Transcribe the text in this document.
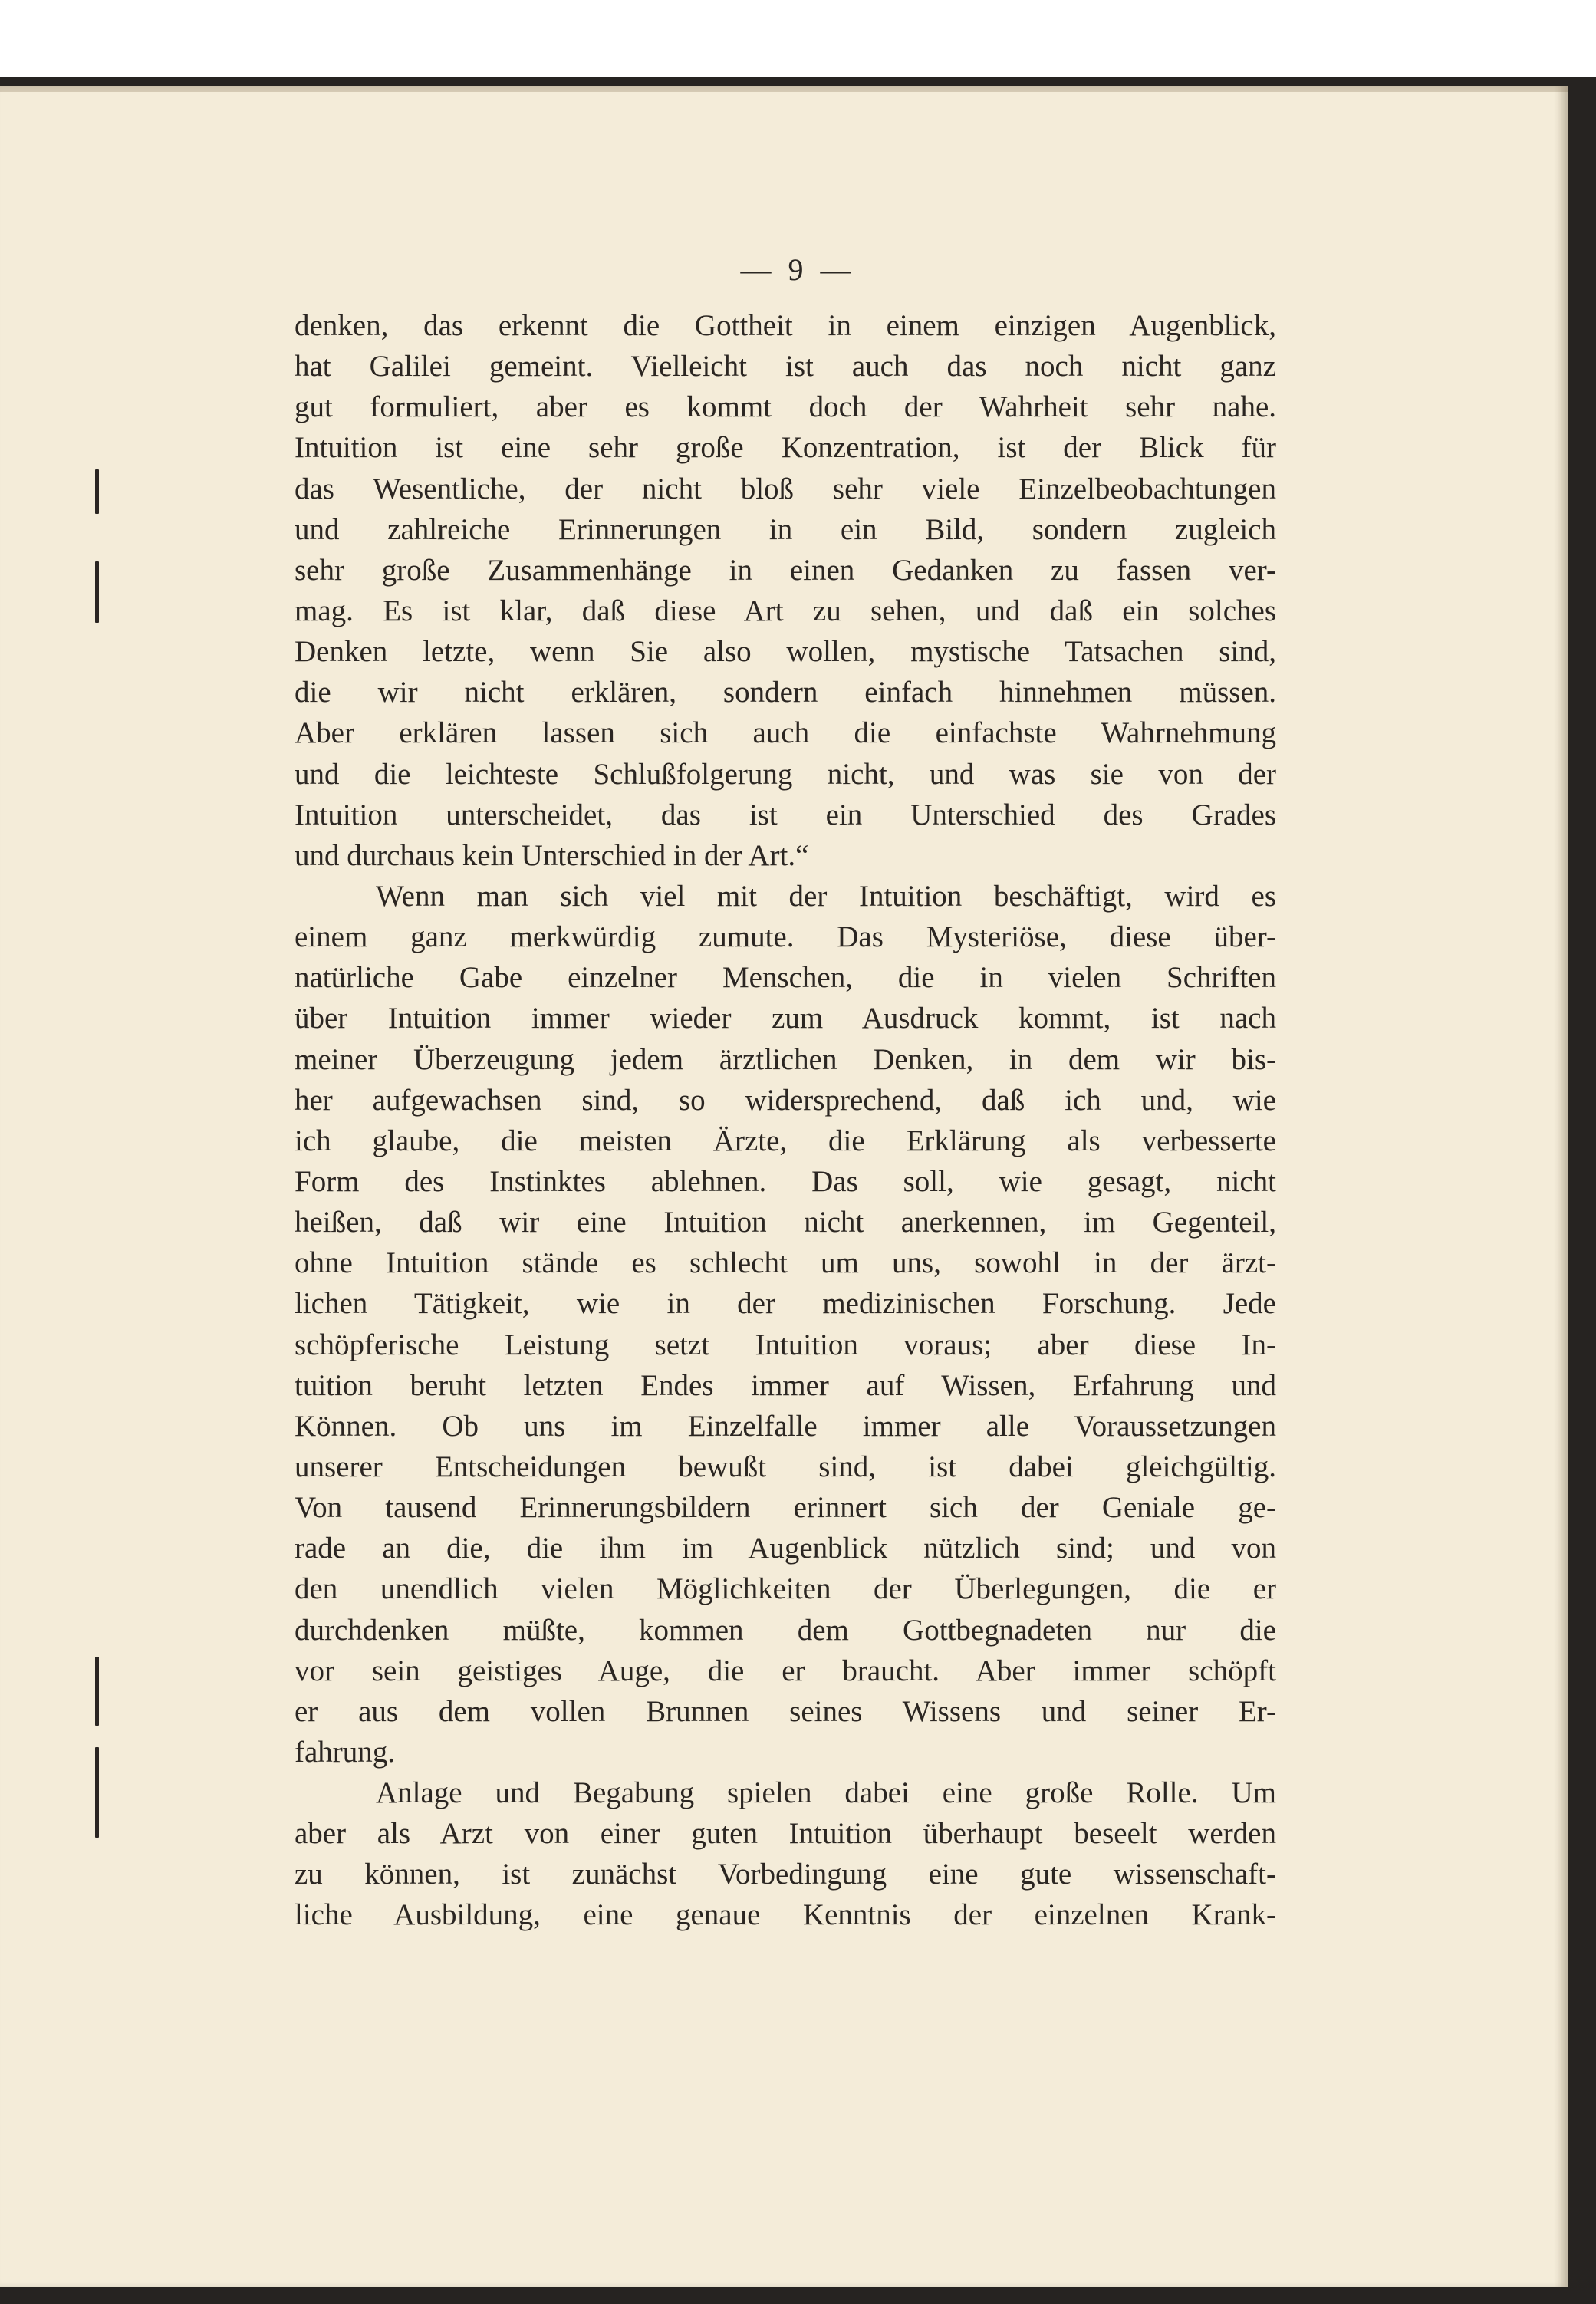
— 9 —
denken, das erkennt die Gottheit in einem einzigen Augenblick,
hat Galilei gemeint. Vielleicht ist auch das noch nicht ganz
gut formuliert, aber es kommt doch der Wahrheit sehr nahe.
Intuition ist eine sehr große Konzentration, ist der Blick für
das Wesentliche, der nicht bloß sehr viele Einzelbeobachtungen
und zahlreiche Erinnerungen in ein Bild, sondern zugleich
sehr große Zusammenhänge in einen Gedanken zu fassen ver-
mag. Es ist klar, daß diese Art zu sehen, und daß ein solches
Denken letzte, wenn Sie also wollen, mystische Tatsachen sind,
die wir nicht erklären, sondern einfach hinnehmen müssen.
Aber erklären lassen sich auch die einfachste Wahrnehmung
und die leichteste Schlußfolgerung nicht, und was sie von der
Intuition unterscheidet, das ist ein Unterschied des Grades
und durchaus kein Unterschied in der Art.“
Wenn man sich viel mit der Intuition beschäftigt, wird es
einem ganz merkwürdig zumute. Das Mysteriöse, diese über-
natürliche Gabe einzelner Menschen, die in vielen Schriften
über Intuition immer wieder zum Ausdruck kommt, ist nach
meiner Überzeugung jedem ärztlichen Denken, in dem wir bis-
her aufgewachsen sind, so widersprechend, daß ich und, wie
ich glaube, die meisten Ärzte, die Erklärung als verbesserte
Form des Instinktes ablehnen. Das soll, wie gesagt, nicht
heißen, daß wir eine Intuition nicht anerkennen, im Gegenteil,
ohne Intuition stände es schlecht um uns, sowohl in der ärzt-
lichen Tätigkeit, wie in der medizinischen Forschung. Jede
schöpferische Leistung setzt Intuition voraus; aber diese In-
tuition beruht letzten Endes immer auf Wissen, Erfahrung und
Können. Ob uns im Einzelfalle immer alle Voraussetzungen
unserer Entscheidungen bewußt sind, ist dabei gleichgültig.
Von tausend Erinnerungsbildern erinnert sich der Geniale ge-
rade an die, die ihm im Augenblick nützlich sind; und von
den unendlich vielen Möglichkeiten der Überlegungen, die er
durchdenken müßte, kommen dem Gottbegnadeten nur die
vor sein geistiges Auge, die er braucht. Aber immer schöpft
er aus dem vollen Brunnen seines Wissens und seiner Er-
fahrung.
Anlage und Begabung spielen dabei eine große Rolle. Um
aber als Arzt von einer guten Intuition überhaupt beseelt werden
zu können, ist zunächst Vorbedingung eine gute wissenschaft-
liche Ausbildung, eine genaue Kenntnis der einzelnen Krank-
